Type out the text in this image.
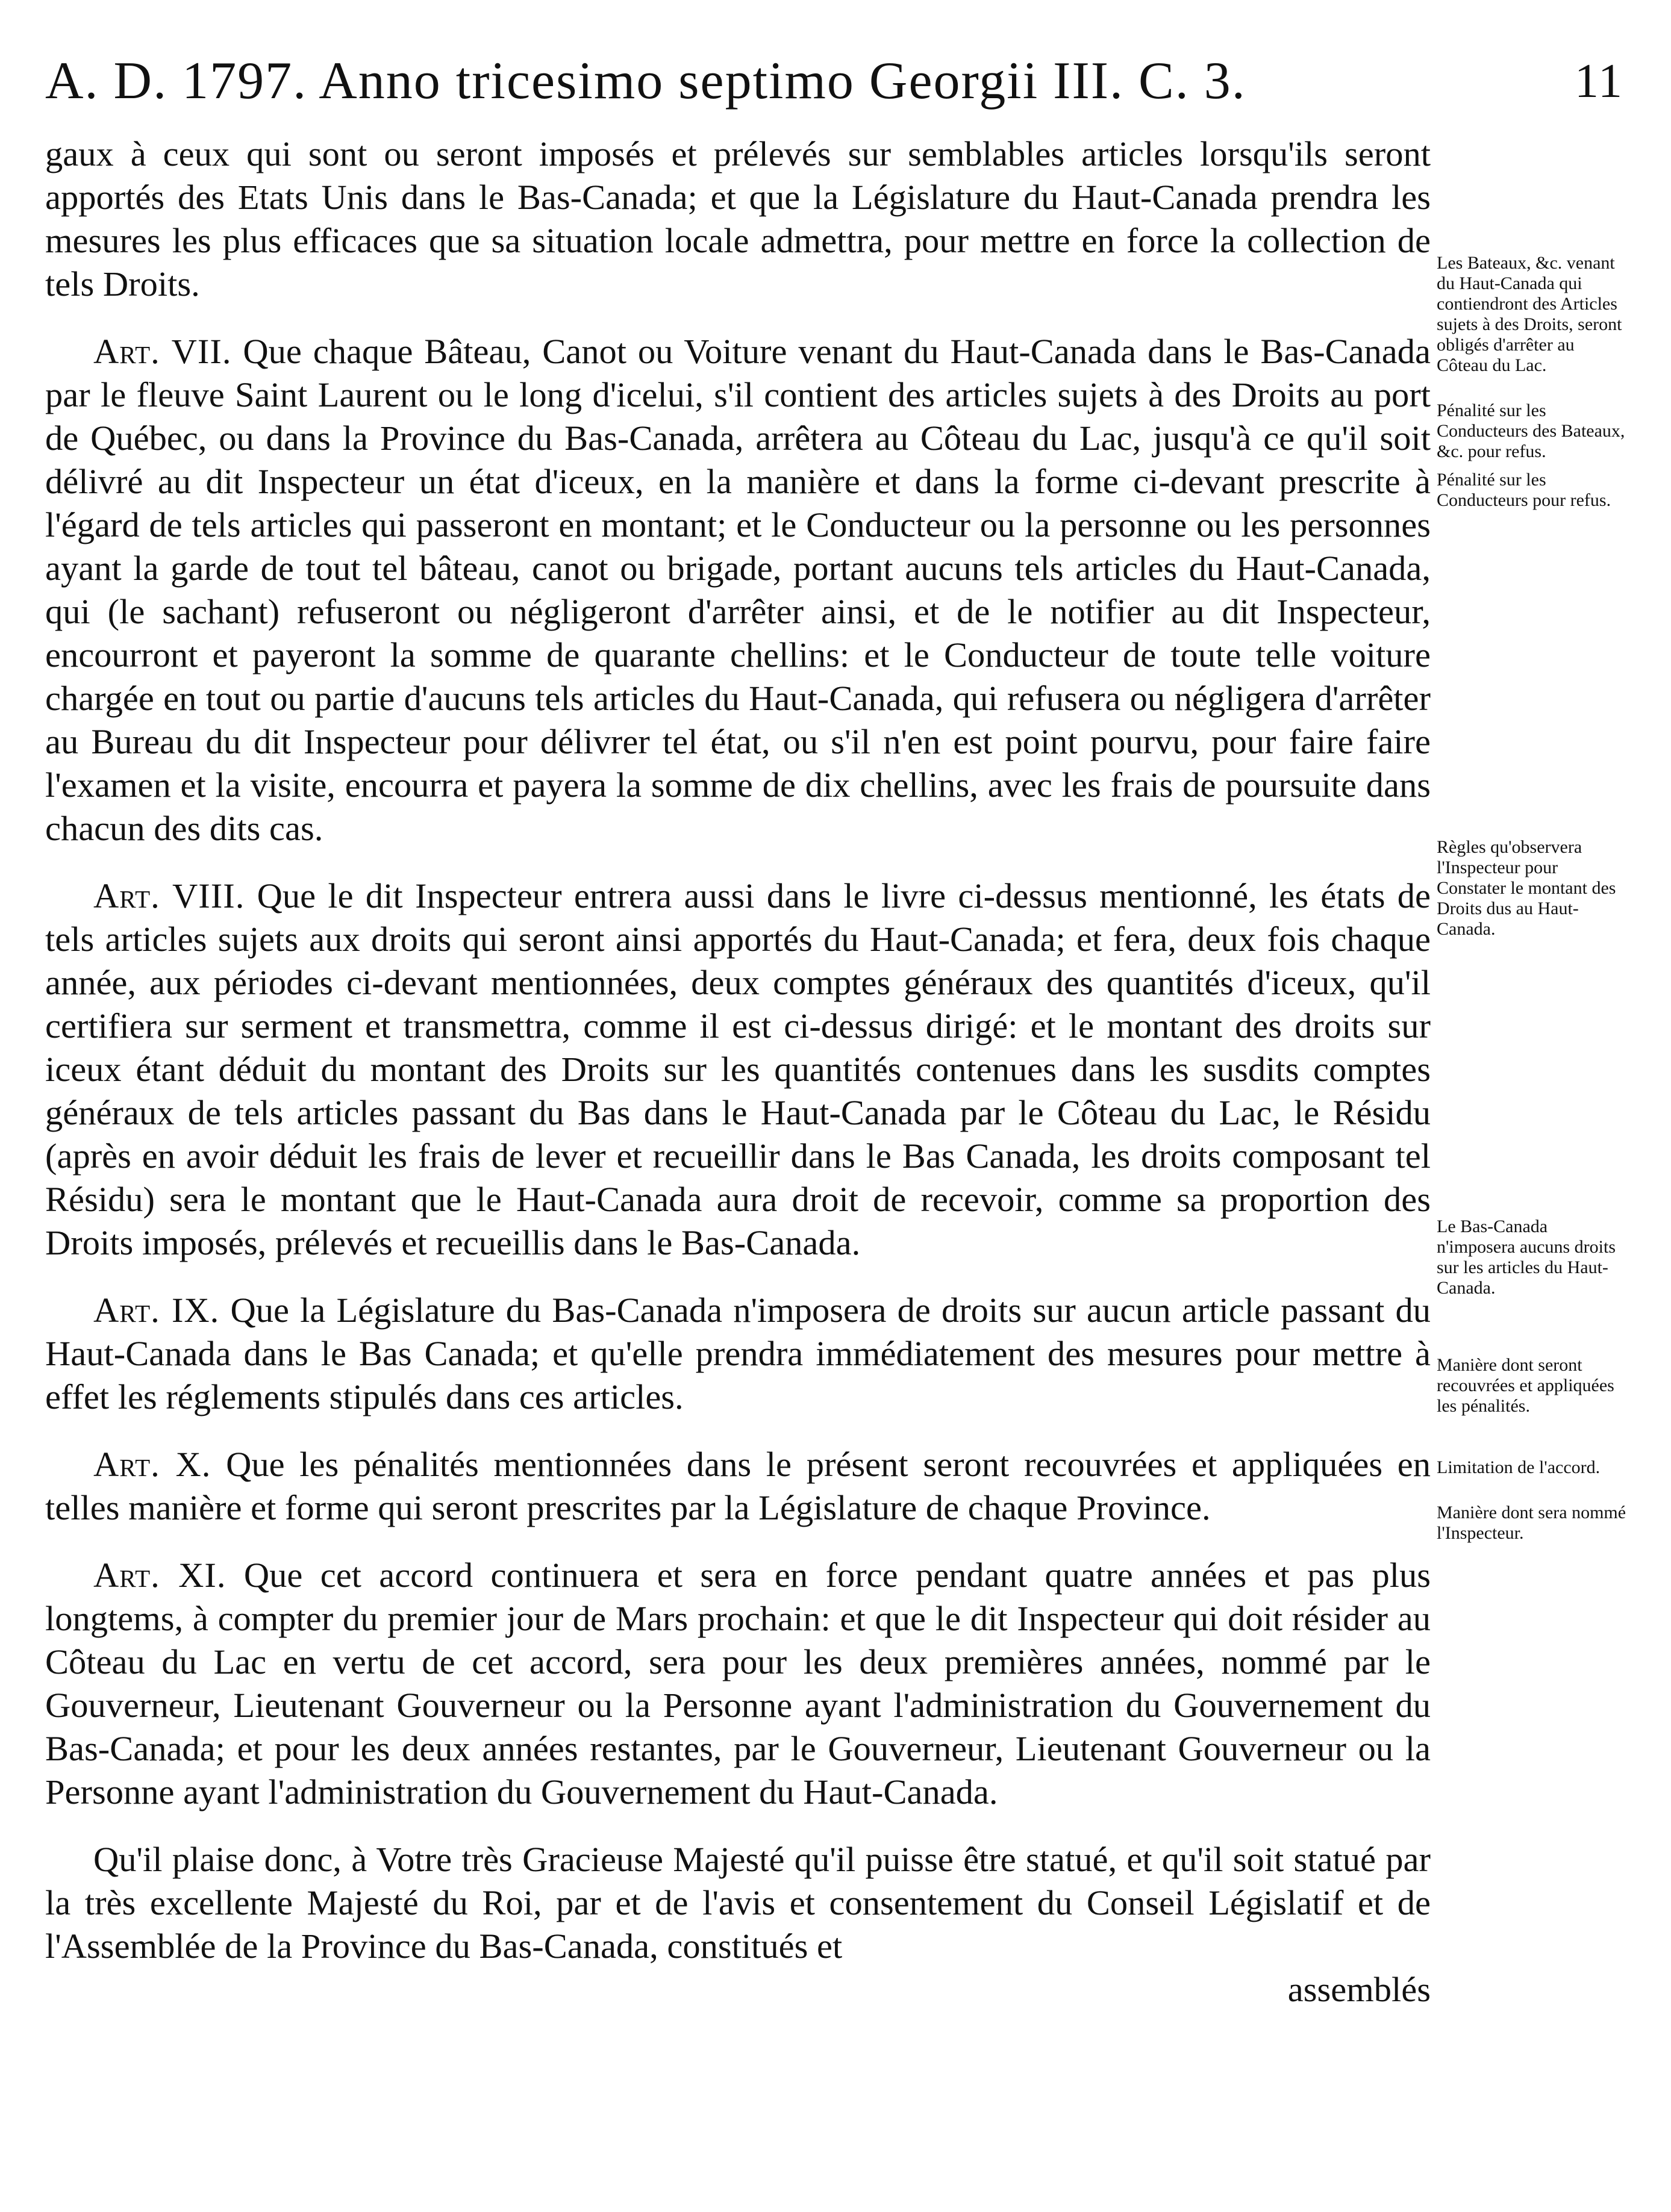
A. D. 1797. Anno tricesimo septimo Georgii III. C. 3.	11

gaux à ceux qui sont ou seront imposés et prélevés sur semblables articles lorsqu'ils seront apportés des Etats Unis dans le Bas-Canada; et que la Législature du Haut-Canada prendra les mesures les plus efficaces que sa situation locale admettra, pour mettre en force la collection de tels Droits.

Art. VII. Que chaque Bâteau, Canot ou Voiture venant du Haut-Canada dans le Bas-Canada par le fleuve Saint Laurent ou le long d'icelui, s'il contient des articles sujets à des Droits au port de Québec, ou dans la Province du Bas-Canada, arrêtera au Côteau du Lac, jusqu'à ce qu'il soit délivré au dit Inspecteur un état d'iceux, en la manière et dans la forme ci-devant prescrite à l'égard de tels articles qui passeront en montant; et le Conducteur ou la personne ou les personnes ayant la garde de tout tel bâteau, canot ou brigade, portant aucuns tels articles du Haut-Canada, qui (le sachant) refuseront ou négligeront d'arrêter ainsi, et de le notifier au dit Inspecteur, encourront et payeront la somme de quarante chellins: et le Conducteur de toute telle voiture chargée en tout ou partie d'aucuns tels articles du Haut-Canada, qui refusera ou négligera d'arrêter au Bureau du dit Inspecteur pour délivrer tel état, ou s'il n'en est point pourvu, pour faire faire l'examen et la visite, encourra et payera la somme de dix chellins, avec les frais de poursuite dans chacun des dits cas.

Art. VIII. Que le dit Inspecteur entrera aussi dans le livre ci-dessus mentionné, les états de tels articles sujets aux droits qui seront ainsi apportés du Haut-Canada; et fera, deux fois chaque année, aux périodes ci-devant mentionnées, deux comptes généraux des quantités d'iceux, qu'il certifiera sur serment et transmettra, comme il est ci-dessus dirigé: et le montant des droits sur iceux étant déduit du montant des Droits sur les quantités contenues dans les susdits comptes généraux de tels articles passant du Bas dans le Haut-Canada par le Côteau du Lac, le Résidu (après en avoir déduit les frais de lever et recueillir dans le Bas Canada, les droits composant tel Résidu) sera le montant que le Haut-Canada aura droit de recevoir, comme sa proportion des Droits imposés, prélevés et recueillis dans le Bas-Canada.

Art. IX. Que la Législature du Bas-Canada n'imposera de droits sur aucun article passant du Haut-Canada dans le Bas Canada; et qu'elle prendra immédiatement des mesures pour mettre à effet les réglements stipulés dans ces articles.

Art. X. Que les pénalités mentionnées dans le présent seront recouvrées et appliquées en telles manière et forme qui seront prescrites par la Législature de chaque Province.

Art. XI. Que cet accord continuera et sera en force pendant quatre années et pas plus longtems, à compter du premier jour de Mars prochain: et que le dit Inspecteur qui doit résider au Côteau du Lac en vertu de cet accord, sera pour les deux premières années, nommé par le Gouverneur, Lieutenant Gouverneur ou la Personne ayant l'administration du Gouvernement du Bas-Canada; et pour les deux années restantes, par le Gouverneur, Lieutenant Gouverneur ou la Personne ayant l'administration du Gouvernement du Haut-Canada.

Qu'il plaise donc, à Votre très Gracieuse Majesté qu'il puisse être statué, et qu'il soit statué par la très excellente Majesté du Roi, par et de l'avis et consentement du Conseil Législatif et de l'Assemblée de la Province du Bas-Canada, constitués et

assemblés
Les Bateaux, &c. venant du Haut-Canada qui contiendront des Articles sujets à des Droits, seront obligés d'arrêter au Côteau du Lac.
Pénalité sur les Conducteurs des Bateaux, &c. pour refus.
Pénalité sur les Conducteurs pour refus.
Règles qu'observera l'Inspecteur pour Constater le montant des Droits dus au Haut-Canada.
Le Bas-Canada n'imposera aucuns droits sur les articles du Haut-Canada.
Manière dont seront recouvrées et appliquées les pénalités.
Limitation de l'accord.
Manière dont sera nommé l'Inspecteur.
